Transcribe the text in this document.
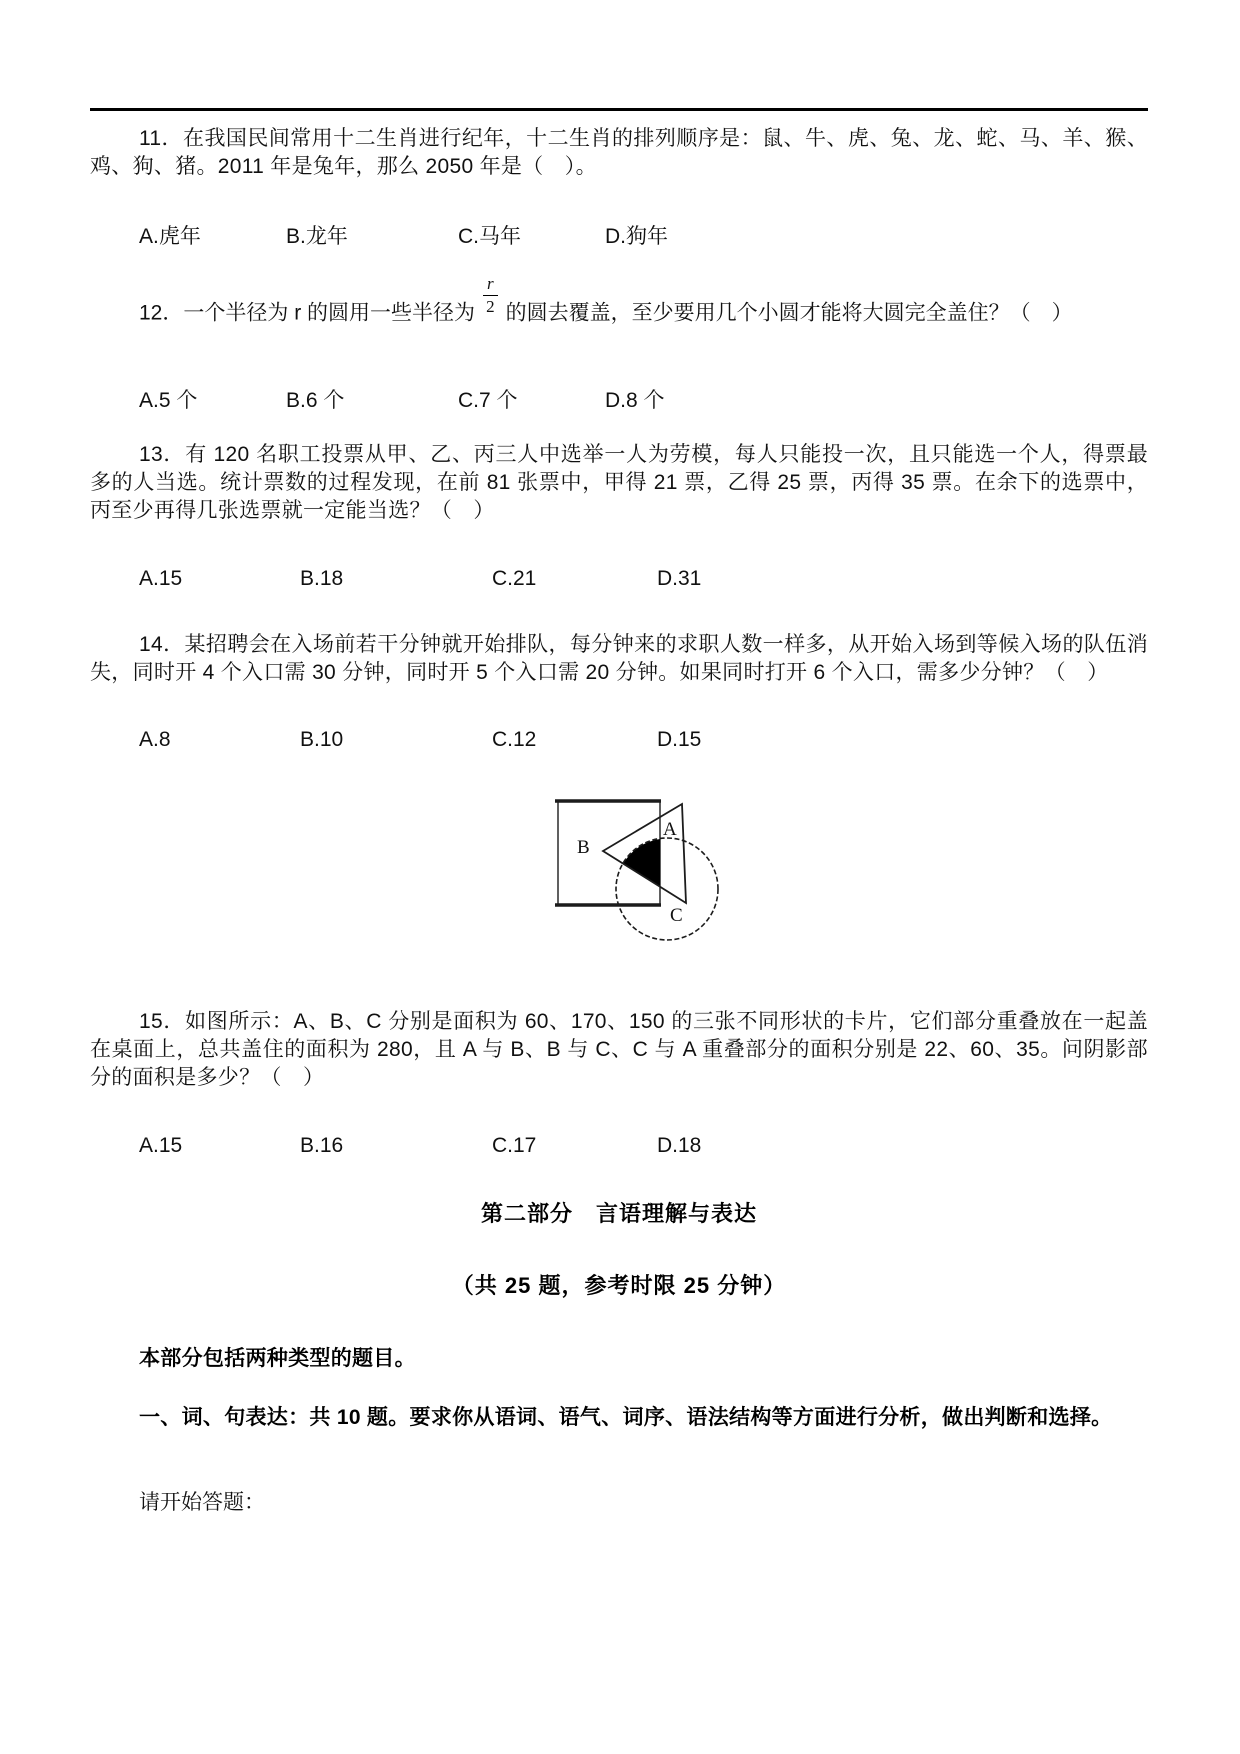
11．在我国民间常用十二生肖进行纪年，十二生肖的排列顺序是：鼠、牛、虎、兔、龙、蛇、马、羊、猴、鸡、狗、猪。2011 年是兔年，那么 2050 年是（　）。

A.虎年	B.龙年	C.马年	D.狗年

12．一个半径为 r 的圆用一些半径为 $\frac{r}{2}$ 的圆去覆盖，至少要用几个小圆才能将大圆完全盖住？（　）

A.5 个	B.6 个	C.7 个	D.8 个

13．有 120 名职工投票从甲、乙、丙三人中选举一人为劳模，每人只能投一次，且只能选一个人，得票最多的人当选。统计票数的过程发现，在前 81 张票中，甲得 21 票，乙得 25 票，丙得 35 票。在余下的选票中，丙至少再得几张选票就一定能当选？（　）

A.15	B.18	C.21	D.31

14．某招聘会在入场前若干分钟就开始排队，每分钟来的求职人数一样多，从开始入场到等候入场的队伍消失，同时开 4 个入口需 30 分钟，同时开 5 个入口需 20 分钟。如果同时打开 6 个入口，需多少分钟？（　）

A.8	B.10	C.12	D.15
A
B
C

15．如图所示：A、B、C 分别是面积为 60、170、150 的三张不同形状的卡片，它们部分重叠放在一起盖在桌面上，总共盖住的面积为 280，且 A 与 B、B 与 C、C 与 A 重叠部分的面积分别是 22、60、35。问阴影部分的面积是多少？（　）

A.15	B.16	C.17	D.18

第二部分　言语理解与表达

（共 25 题，参考时限 25 分钟）

本部分包括两种类型的题目。

一、词、句表达：共 10 题。要求你从语词、语气、词序、语法结构等方面进行分析，做出判断和选择。

请开始答题：
